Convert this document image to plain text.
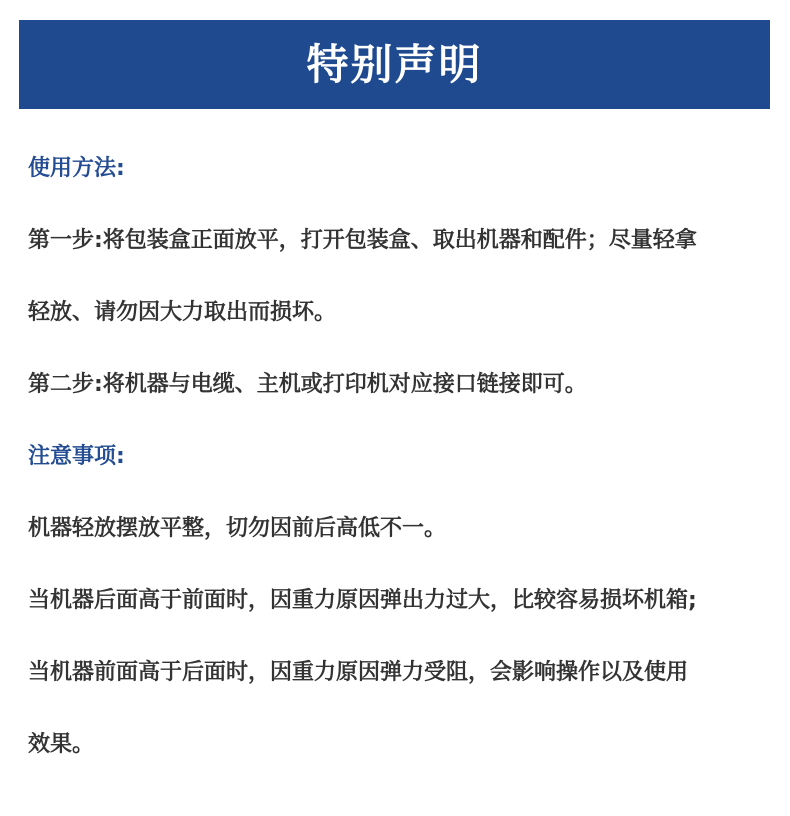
特别声明
使用方法:
第一步:将包装盒正面放平，打开包装盒、取出机器和配件；尽量轻拿
轻放、请勿因大力取出而损坏。
第二步:将机器与电缆、主机或打印机对应接口链接即可。
注意事项:
机器轻放摆放平整，切勿因前后高低不一。
当机器后面高于前面时，因重力原因弹出力过大，比较容易损坏机箱;
当机器前面高于后面时，因重力原因弹力受阻，会影响操作以及使用
效果。
